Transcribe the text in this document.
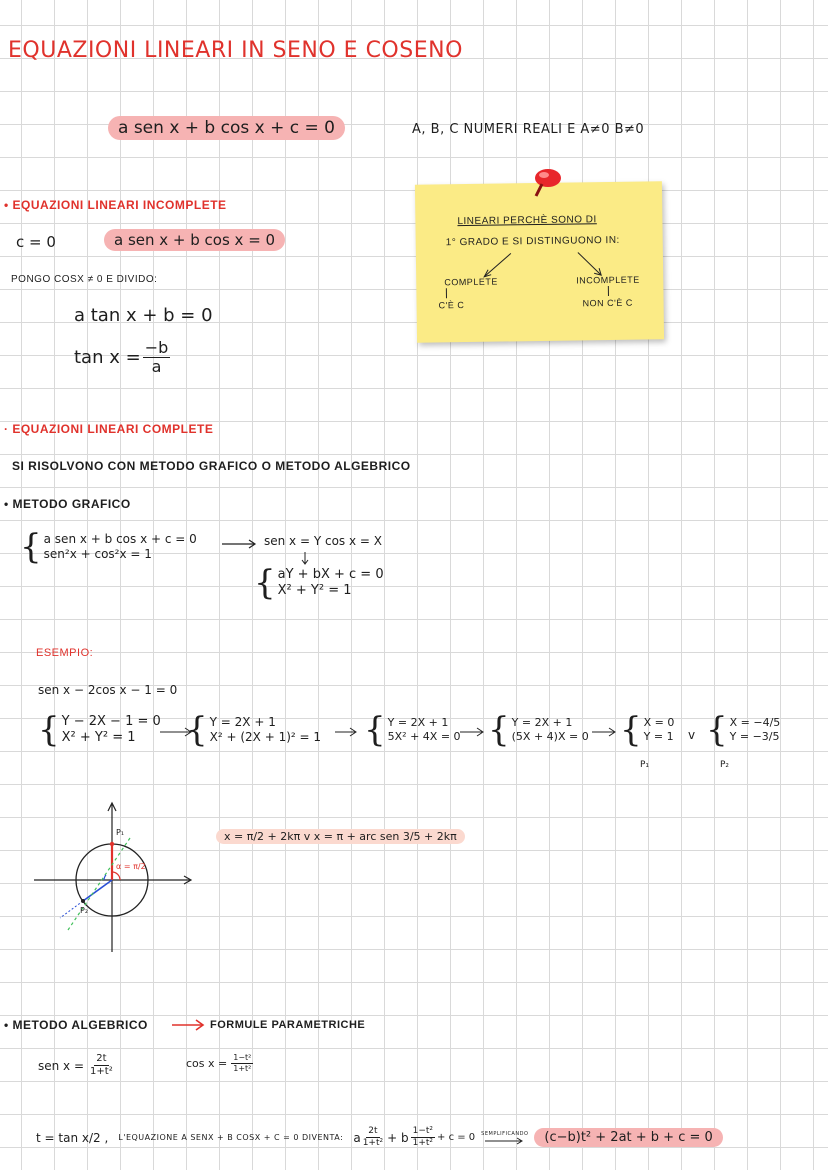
EQUAZIONI LINEARI IN SENO E COSENO
a sen x + b cos x + c = 0	A, B, C NUMERI REALI E A≠0 B≠0
LINEARI PERCHÈ SONO DI
1° GRADO E SI DISTINGUONO IN:
COMPLETE
C'È C
INCOMPLETE
NON C'È C
• EQUAZIONI LINEARI INCOMPLETE
c = 0	a sen x + b cos x = 0
PONGO COSX ≠ 0 E DIVIDO:
a tan x + b = 0
$\tan x = \frac{-b}{a}$
· EQUAZIONI LINEARI COMPLETE
SI RISOLVONO CON METODO GRAFICO O METODO ALGEBRICO
• METODO GRAFICO
{ a sen x + b cos x + c = 0
sen²x + cos²x = 1
sen x = Y cos x = X
{ aY + bX + c = 0
X² + Y² = 1
ESEMPIO:
sen x − 2cos x − 1 = 0
{ Y − 2X − 1 = 0
X² + Y² = 1	{ Y = 2X + 1
X² + (2X + 1)² = 1 { Y = 2X + 1
5X² + 4X = 0 { Y = 2X + 1
(5X + 4)X = 0 { X = 0
Y = 1 v { X = −4/5
Y = −3/5
P₁	P₂
P₁
P₂
α = π/2
x = π/2 + 2kπ v x = π + arc sen 3/5 + 2kπ
• METODO ALGEBRICO	FORMULE PARAMETRICHE
sen $x = \frac{2t}{\text{1+t²}}$	$\cos x = \frac{\text{1−t²}}{\text{1+t²}}$
t = tan x/2 , L'EQUAZIONE A SENX + B COSX + C = 0 DIVENTA: a $\frac{2t}{\text{1+t²}} + b \frac{\text{1−t²}}{\text{1+t²}} + c = 0$ SEMPLIFICANDO	(c−b)t² + 2at + b + c = 0
